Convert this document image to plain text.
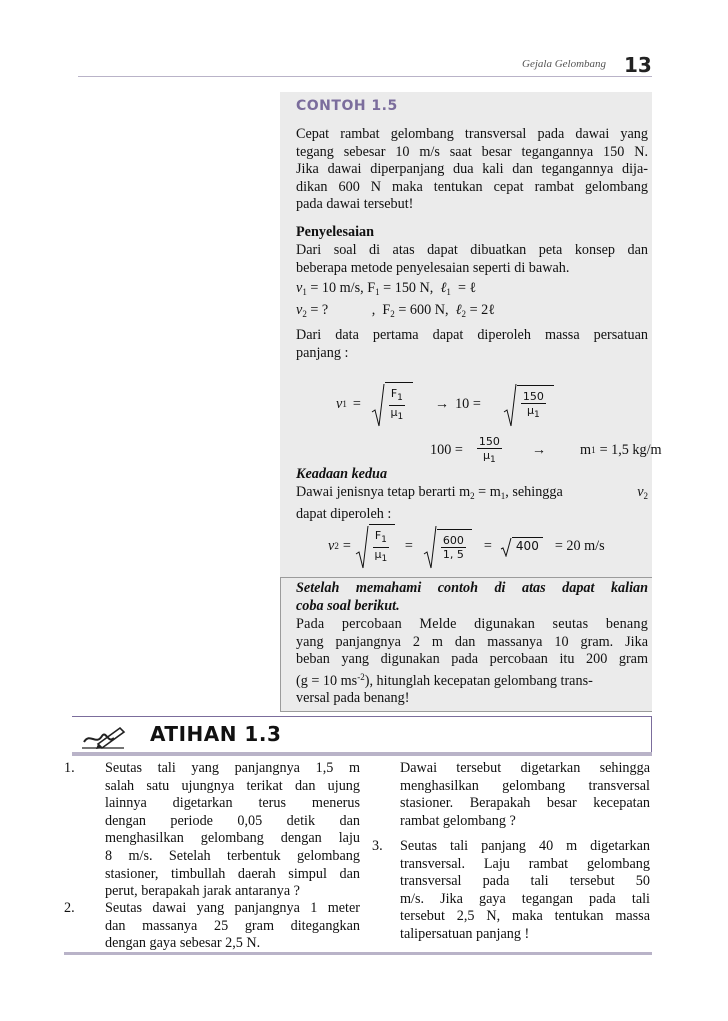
Gejala Gelombang 13
CONTOH 1.5
Cepat rambat gelombang transversal pada dawai yang
tegang sebesar 10 m/s saat besar tegangannya 150 N.
Jika dawai diperpanjang dua kali dan tegangannya dija-
dikan 600 N maka tentukan cepat rambat gelombang
pada dawai tersebut!
Penyelesaian
Dari soal di atas dapat dibuatkan peta konsep dan
beberapa metode penyelesaian seperti di bawah.
$v_1 = 10$ m/s, $F_1 = 150$ N, ℓ$_1$ = ℓ
$v_2$ = ?	, $F_2 = 600$ N, ℓ$_2$ = 2ℓ
Dari data pertama dapat diperoleh massa persatuan
panjang :
v 1 =	$\frac{F_1}{\mu_1} \to 10$ =	$\frac{150}{\mu_1}$
$100 = \frac{150}{\mu_1} \to m$ 1 = 1,5 kg/m
Keadaan kedua
Dawai jenisnya tetap berarti $m_2 = m_1$, sehingga	$v_2$
dapat diperoleh :
v $2 = \frac{F_1}{\mu_1}$ =	$\frac{600}{1, 5}$ =	400 = 20 m/s
Setelah memahami contoh di atas dapat kalian
coba soal berikut.
Pada percobaan Melde digunakan seutas benang
yang panjangnya 2 m dan massanya 10 gram. Jika
beban yang digunakan pada percobaan itu 200 gram
(g = 10 $ms^{-2}$), hitunglah kecepatan gelombang trans-
versal pada benang!
ATIHAN 1.3
1.	Seutas tali yang panjangnya 1,5 m
salah satu ujungnya terikat dan ujung
lainnya digetarkan terus menerus
dengan periode 0,05 detik dan
menghasilkan gelombang dengan laju
8 m/s. Setelah terbentuk gelombang
stasioner, timbullah daerah simpul dan
perut, berapakah jarak antaranya ?
2.	Seutas dawai yang panjangnya 1 meter
dan massanya 25 gram ditegangkan
dengan gaya sebesar 2,5 N.
Dawai tersebut digetarkan sehingga
menghasilkan gelombang transversal
stasioner. Berapakah besar kecepatan
rambat gelombang ?
3.	Seutas tali panjang 40 m digetarkan
transversal. Laju rambat gelombang
transversal pada tali tersebut 50
m/s. Jika gaya tegangan pada tali
tersebut 2,5 N, maka tentukan massa
talipersatuan panjang !
